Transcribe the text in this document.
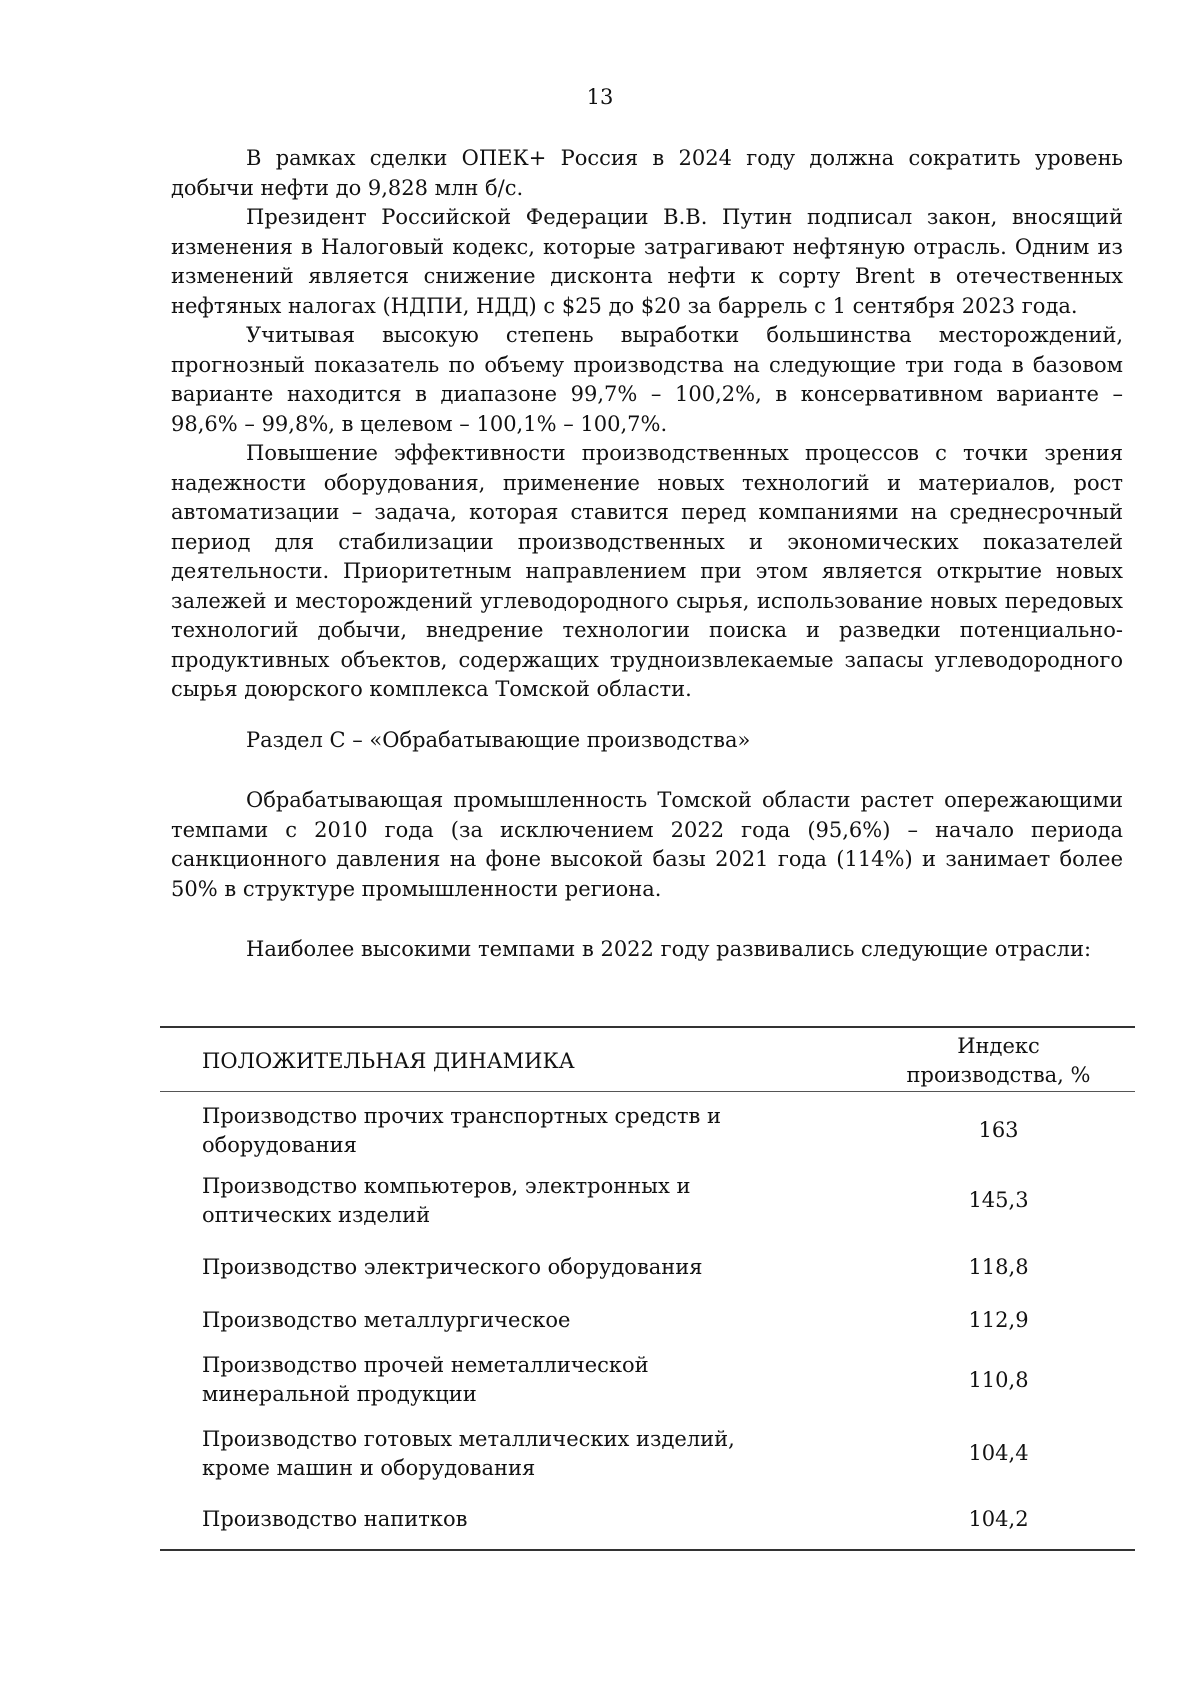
13

В рамках сделки ОПЕК+ Россия в 2024 году должна сократить уровень добычи нефти до 9,828 млн б/с.

Президент Российской Федерации В.В. Путин подписал закон, вносящий изменения в Налоговый кодекс, которые затрагивают нефтяную отрасль. Одним из изменений является снижение дисконта нефти к сорту Brent в отечественных нефтяных налогах (НДПИ, НДД) с $25 до $20 за баррель с 1 сентября 2023 года.

Учитывая высокую степень выработки большинства месторождений, прогнозный показатель по объему производства на следующие три года в базовом варианте находится в диапазоне 99,7% – 100,2%, в консервативном варианте – 98,6% – 99,8%, в целевом – 100,1% – 100,7%.

Повышение эффективности производственных процессов с точки зрения надежности оборудования, применение новых технологий и материалов, рост автоматизации – задача, которая ставится перед компаниями на среднесрочный период для стабилизации производственных и экономических показателей деятельности. Приоритетным направлением при этом является открытие новых залежей и месторождений углеводородного сырья, использование новых передовых технологий добычи, внедрение технологии поиска и разведки потенциально-продуктивных объектов, содержащих трудноизвлекаемые запасы углеводородного сырья доюрского комплекса Томской области.

Раздел С – «Обрабатывающие производства»

Обрабатывающая промышленность Томской области растет опережающими темпами с 2010 года (за исключением 2022 года (95,6%) – начало периода санкционного давления на фоне высокой базы 2021 года (114%) и занимает более 50% в структуре промышленности региона.

Наиболее высокими темпами в 2022 году развивались следующие отрасли:

ПОЛОЖИТЕЛЬНАЯ ДИНАМИКА	Индекс
производства, %
Производство прочих транспортных средств и
оборудования	163
Производство компьютеров, электронных и
оптических изделий	145,3
Производство электрического оборудования	118,8
Производство металлургическое	112,9
Производство прочей неметаллической
минеральной продукции	110,8
Производство готовых металлических изделий,
кроме машин и оборудования	104,4
Производство напитков	104,2
